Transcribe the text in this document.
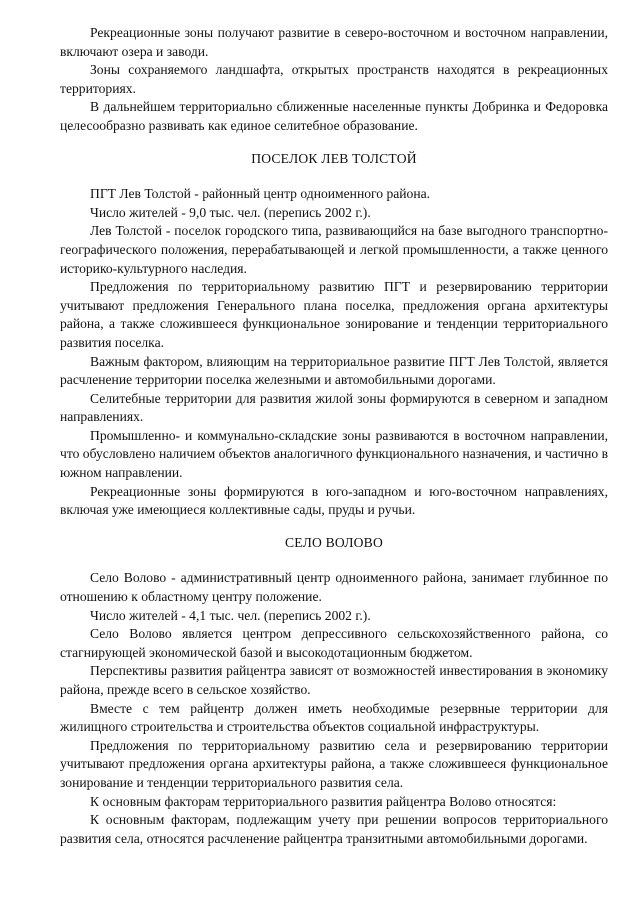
Рекреационные зоны получают развитие в северо-восточном и восточном направлении, включают озера и заводи.

Зоны сохраняемого ландшафта, открытых пространств находятся в рекреационных территориях.

В дальнейшем территориально сближенные населенные пункты Добринка и Федоровка целесообразно развивать как единое селитебное образование.

ПОСЕЛОК ЛЕВ ТОЛСТОЙ

ПГТ Лев Толстой - районный центр одноименного района.

Число жителей - 9,0 тыс. чел. (перепись 2002 г.).

Лев Толстой - поселок городского типа, развивающийся на базе выгодного транспортно-географического положения, перерабатывающей и легкой промышленности, а также ценного историко-культурного наследия.

Предложения по территориальному развитию ПГТ и резервированию территории учитывают предложения Генерального плана поселка, предложения органа архитектуры района, а также сложившееся функциональное зонирование и тенденции территориального развития поселка.

Важным фактором, влияющим на территориальное развитие ПГТ Лев Толстой, является расчленение территории поселка железными и автомобильными дорогами.

Селитебные территории для развития жилой зоны формируются в северном и западном направлениях.

Промышленно- и коммунально-складские зоны развиваются в восточном направлении, что обусловлено наличием объектов аналогичного функционального назначения, и частично в южном направлении.

Рекреационные зоны формируются в юго-западном и юго-восточном направлениях, включая уже имеющиеся коллективные сады, пруды и ручьи.

СЕЛО ВОЛОВО

Село Волово - административный центр одноименного района, занимает глубинное по отношению к областному центру положение.

Число жителей - 4,1 тыс. чел. (перепись 2002 г.).

Село Волово является центром депрессивного сельскохозяйственного района, со стагнирующей экономической базой и высокодотационным бюджетом.

Перспективы развития райцентра зависят от возможностей инвестирования в экономику района, прежде всего в сельское хозяйство.

Вместе с тем райцентр должен иметь необходимые резервные территории для жилищного строительства и строительства объектов социальной инфраструктуры.

Предложения по территориальному развитию села и резервированию территории учитывают предложения органа архитектуры района, а также сложившееся функциональное зонирование и тенденции территориального развития села.

К основным факторам территориального развития райцентра Волово относятся:

К основным факторам, подлежащим учету при решении вопросов территориального развития села, относятся расчленение райцентра транзитными автомобильными дорогами.
